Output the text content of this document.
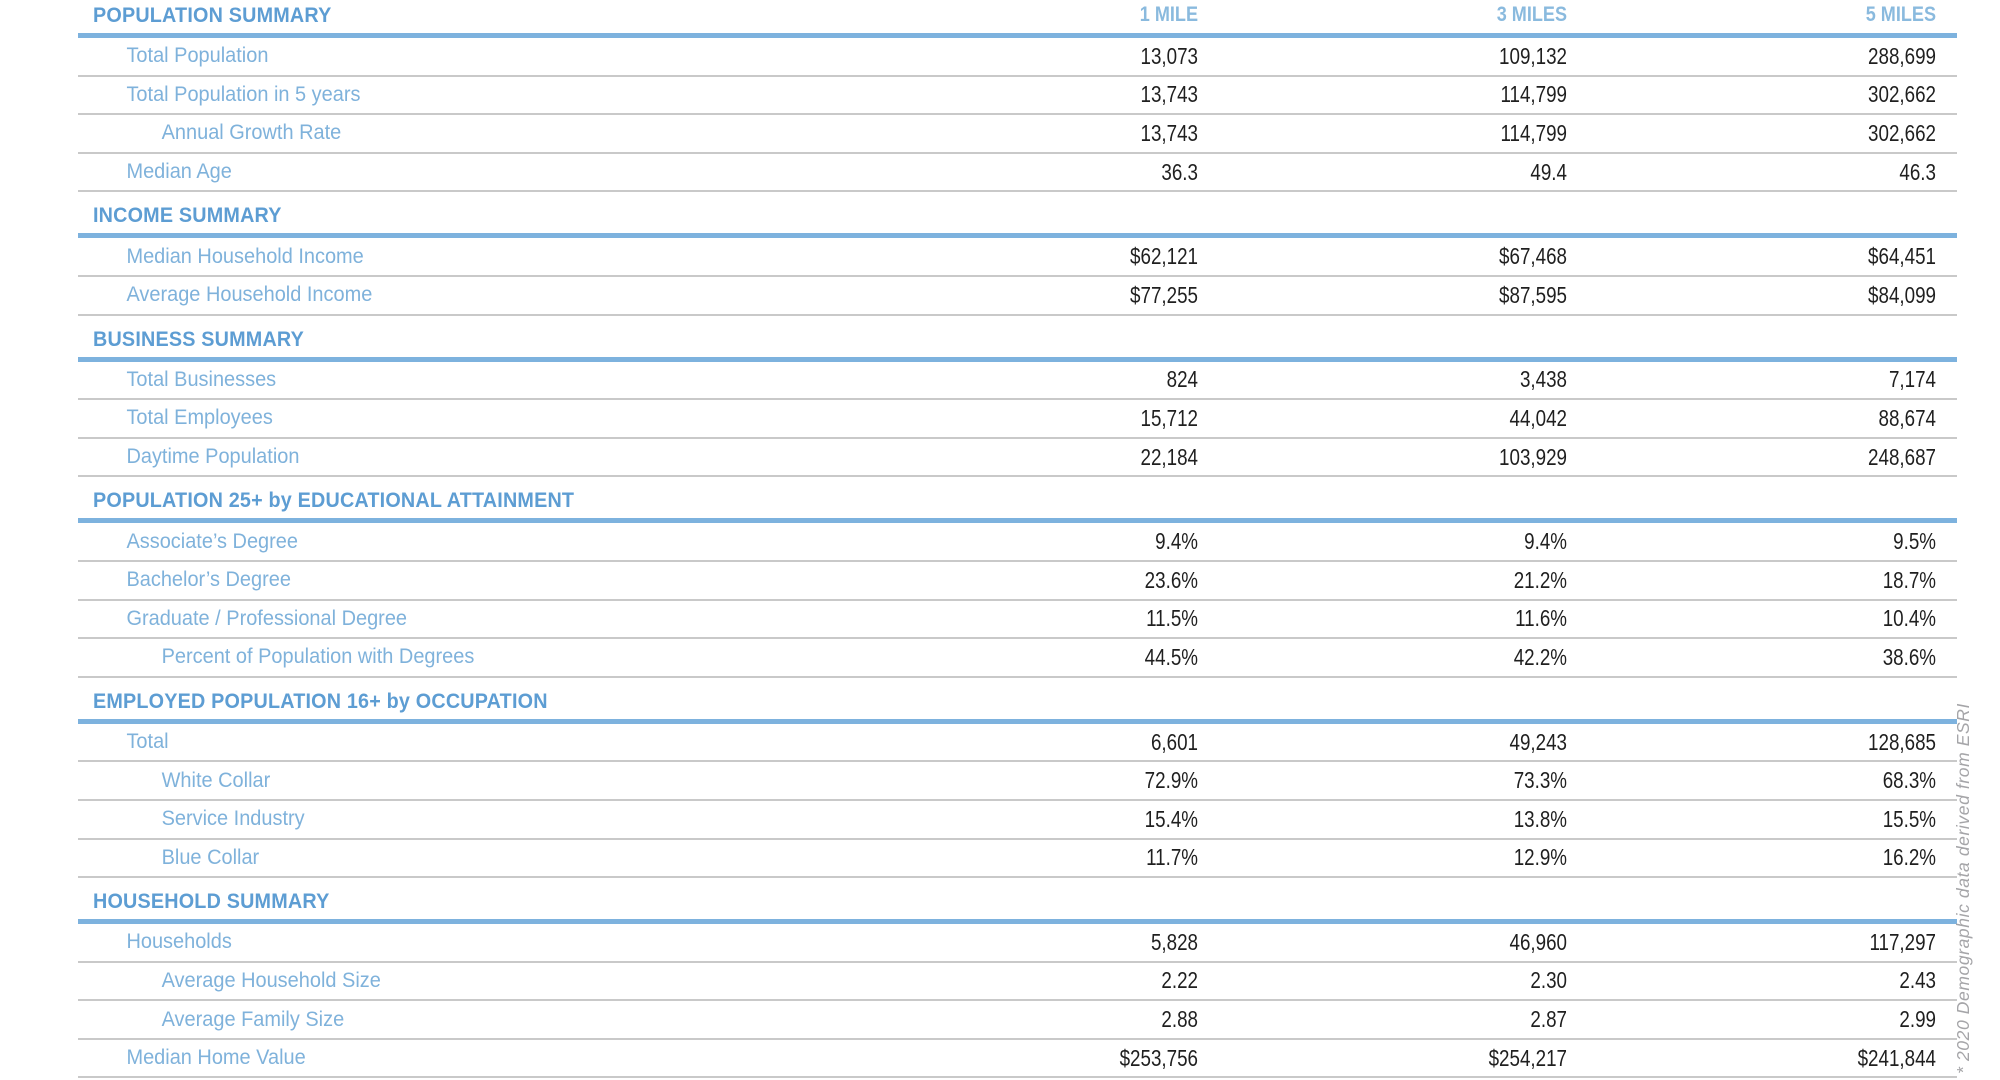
POPULATION SUMMARY	1 MILE	3 MILES	5 MILES
Total Population	13,073	109,132	288,699
Total Population in 5 years	13,743	114,799	302,662
Annual Growth Rate	13,743	114,799	302,662
Median Age	36.3	49.4	46.3
INCOME SUMMARY
Median Household Income	$62,121	$67,468	$64,451
Average Household Income	$77,255	$87,595	$84,099
BUSINESS SUMMARY
Total Businesses	824	3,438	7,174
Total Employees	15,712	44,042	88,674
Daytime Population	22,184	103,929	248,687
POPULATION 25+ by EDUCATIONAL ATTAINMENT
Associate’s Degree	9.4%	9.4%	9.5%
Bachelor’s Degree	23.6%	21.2%	18.7%
Graduate / Professional Degree	11.5%	11.6%	10.4%
Percent of Population with Degrees	44.5%	42.2%	38.6%
EMPLOYED POPULATION 16+ by OCCUPATION
Total	6,601	49,243	128,685
White Collar	72.9%	73.3%	68.3%
Service Industry	15.4%	13.8%	15.5%
Blue Collar	11.7%	12.9%	16.2%
HOUSEHOLD SUMMARY
Households	5,828	46,960	117,297
Average Household Size	2.22	2.30	2.43
Average Family Size	2.88	2.87	2.99
Median Home Value	$253,756	$254,217	$241,844 * 2020 Demographic data derived from ESRI
